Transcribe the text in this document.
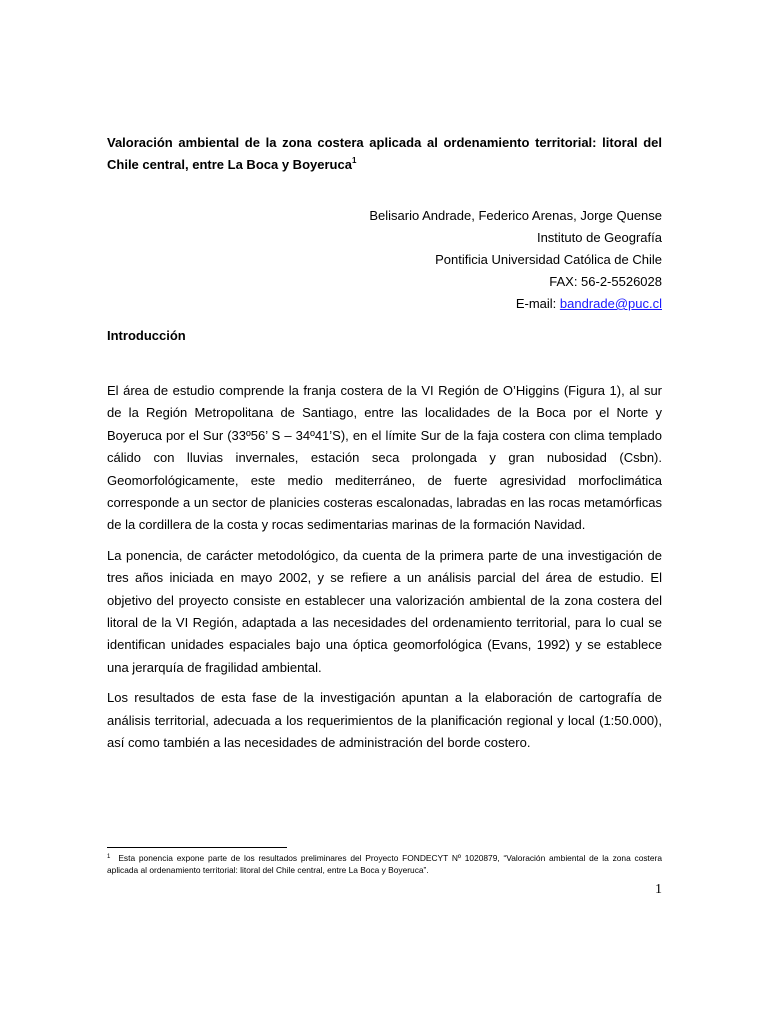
Valoración ambiental de la zona costera aplicada al ordenamiento territorial: litoral del Chile central, entre La Boca y Boyeruca$^1$
Belisario Andrade, Federico Arenas, Jorge Quense
Instituto de Geografía
Pontificia Universidad Católica de Chile
FAX: 56-2-5526028
E-mail: bandrade@puc.cl
Introducción

El área de estudio comprende la franja costera de la VI Región de O’Higgins (Figura 1), al sur de la Región Metropolitana de Santiago, entre las localidades de la Boca por el Norte y Boyeruca por el Sur (33º56’ S – 34º41’S), en el límite Sur de la faja costera con clima templado cálido con lluvias invernales, estación seca prolongada y gran nubosidad (Csbn). Geomorfológicamente, este medio mediterráneo, de fuerte agresividad morfoclimática corresponde a un sector de planicies costeras escalonadas, labradas en las rocas metamórficas de la cordillera de la costa y rocas sedimentarias marinas de la formación Navidad.

La ponencia, de carácter metodológico, da cuenta de la primera parte de una investigación de tres años iniciada en mayo 2002, y se refiere a un análisis parcial del área de estudio. El objetivo del proyecto consiste en establecer una valorización ambiental de la zona costera del litoral de la VI Región, adaptada a las necesidades del ordenamiento territorial, para lo cual se identifican unidades espaciales bajo una óptica geomorfológica (Evans, 1992) y se establece una jerarquía de fragilidad ambiental.

Los resultados de esta fase de la investigación apuntan a la elaboración de cartografía de análisis territorial, adecuada a los requerimientos de la planificación regional y local (1:50.000), así como también a las necesidades de administración del borde costero.

$^1$ Esta ponencia expone parte de los resultados preliminares del Proyecto FONDECYT Nº 1020879, “Valoración ambiental de la zona costera aplicada al ordenamiento territorial: litoral del Chile central, entre La Boca y Boyeruca”.
1
